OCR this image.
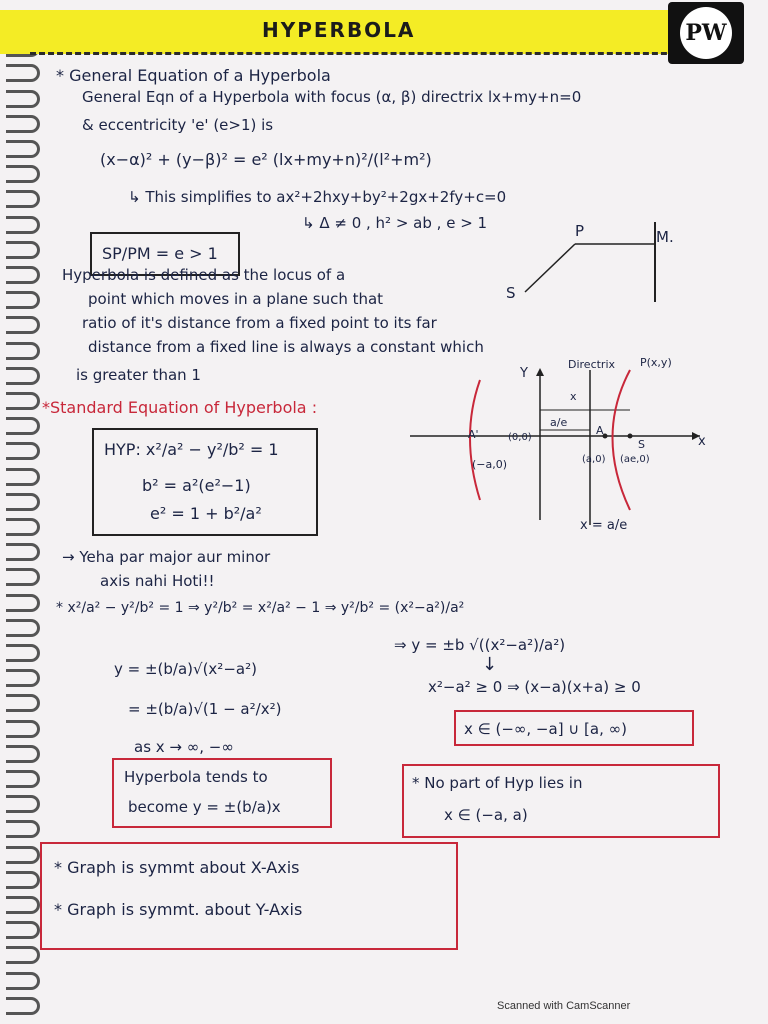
HYPERBOLA	PW
* General Equation of a Hyperbola
General Eqn of a Hyperbola with focus (α, β) directrix lx+my+n=0
& eccentricity 'e' (e>1) is
(x−α)² + (y−β)² = e² (lx+my+n)²/(l²+m²)
↳ This simplifies to ax²+2hxy+by²+2gx+2fy+c=0
↳ Δ ≠ 0 , h² > ab , e > 1
SP/PM = e > 1
P	M.
S
Hyperbola is defined as the locus of a
point which moves in a plane such that
ratio of it's distance from a fixed point to its far
distance from a fixed line is always a constant which
is greater than 1
*Standard Equation of Hyperbola :
HYP: x²/a² − y²/b² = 1
b² = a²(e²−1)
e² = 1 + b²/a²
Y
x
Directrix P(x,y)
x
a/e
A'	(0,0)
(−a,0)
A
(a,0)
S
(ae,0)
x = a/e
→ Yeha par major aur minor
axis nahi Hoti!!
* x²/a² − y²/b² = 1 ⇒ y²/b² = x²/a² − 1 ⇒ y²/b² = (x²−a²)/a²
⇒ y = ±b √((x²−a²)/a²)
y = ±(b/a)√(x²−a²)	↓
x²−a² ≥ 0 ⇒ (x−a)(x+a) ≥ 0
= ±(b/a)√(1 − a²/x²)
x ∈ (−∞, −a] ∪ [a, ∞)
as x → ∞, −∞
Hyperbola tends to
become y = ±(b/a)x
* No part of Hyp lies in
x ∈ (−a, a)
* Graph is symmt about X-Axis
* Graph is symmt. about Y-Axis
Scanned with CamScanner
